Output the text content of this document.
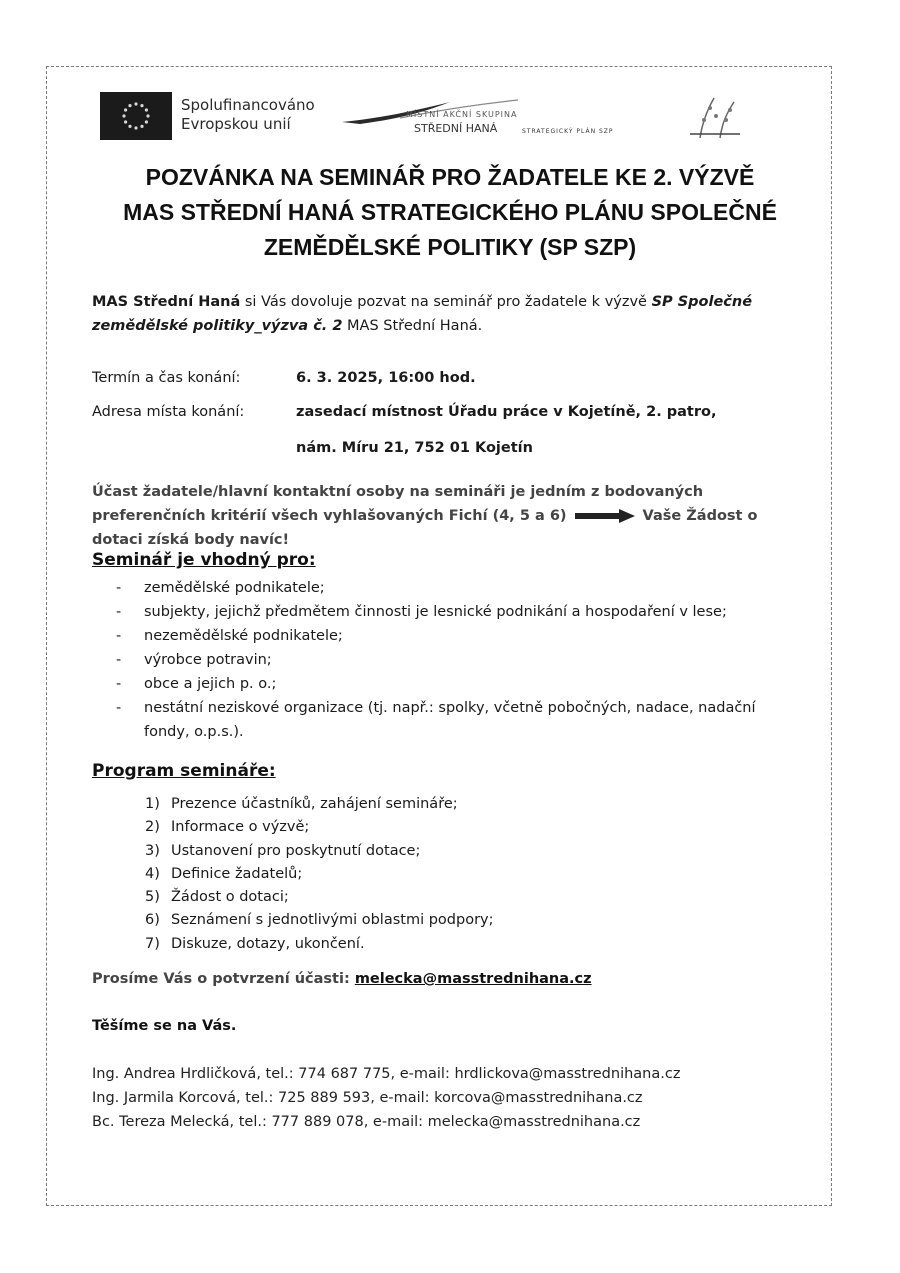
Spolufinancováno
Evropskou unií
MÍSTNÍ AKČNÍ SKUPINA
STŘEDNÍ HANÁ	STRATEGICKÝ PLÁN SZP
POZVÁNKA NA SEMINÁŘ PRO ŽADATELE KE 2. VÝZVĚ
MAS STŘEDNÍ HANÁ STRATEGICKÉHO PLÁNU SPOLEČNÉ
ZEMĚDĚLSKÉ POLITIKY (SP SZP)
MAS Střední Haná si Vás dovoluje pozvat na seminář pro žadatele k výzvě SP Společné zemědělské politiky_výzva č. 2 MAS Střední Haná.
Termín a čas konání:	6. 3. 2025, 16:00 hod.
Adresa místa konání:	zasedací místnost Úřadu práce v Kojetíně, 2. patro,
nám. Míru 21, 752 01 Kojetín
Účast žadatele/hlavní kontaktní osoby na semináři je jedním z bodovaných preferenčních kritérií všech vyhlašovaných Fichí (4, 5 a 6)	Vaše Žádost o dotaci získá body navíc!
Seminář je vhodný pro:
- zemědělské podnikatele;
- subjekty, jejichž předmětem činnosti je lesnické podnikání a hospodaření v lese;
- nezemědělské podnikatele;
- výrobce potravin;
- obce a jejich p. o.;
- nestátní neziskové organizace (tj. např.: spolky, včetně pobočných, nadace, nadační fondy, o.p.s.).
Program semináře:
1) Prezence účastníků, zahájení semináře;
2) Informace o výzvě;
3) Ustanovení pro poskytnutí dotace;
4) Definice žadatelů;
5) Žádost o dotaci;
6) Seznámení s jednotlivými oblastmi podpory;
7) Diskuze, dotazy, ukončení.
Prosíme Vás o potvrzení účasti: melecka@masstrednihana.cz
Těšíme se na Vás.
Ing. Andrea Hrdličková, tel.: 774 687 775, e-mail: hrdlickova@masstrednihana.cz
Ing. Jarmila Korcová, tel.: 725 889 593, e-mail: korcova@masstrednihana.cz
Bc. Tereza Melecká, tel.: 777 889 078, e-mail: melecka@masstrednihana.cz
